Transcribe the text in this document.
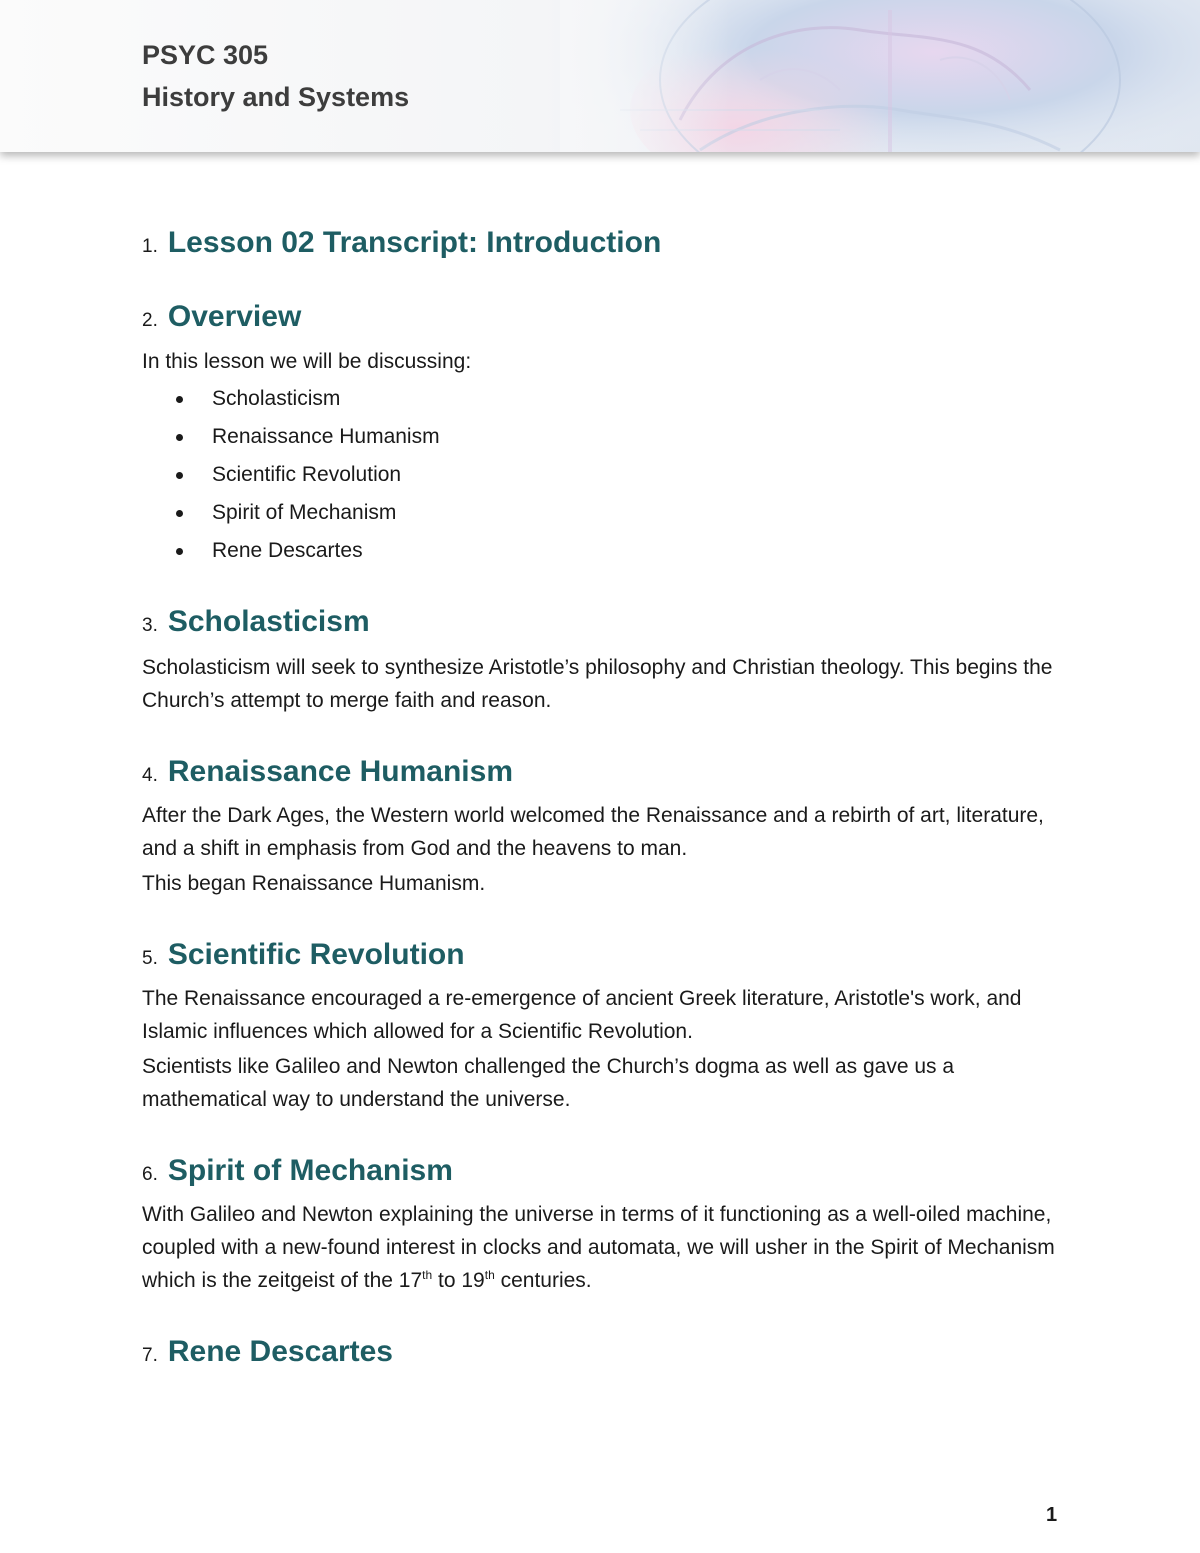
PSYC 305
History and Systems
1. Lesson 02 Transcript: Introduction
2. Overview

In this lesson we will be discussing:

Scholasticism
Renaissance Humanism
Scientific Revolution
Spirit of Mechanism
Rene Descartes
3. Scholasticism

Scholasticism will seek to synthesize Aristotle’s philosophy and Christian theology. This begins the Church’s attempt to merge faith and reason.

4. Renaissance Humanism

After the Dark Ages, the Western world welcomed the Renaissance and a rebirth of art, literature, and a shift in emphasis from God and the heavens to man.

This began Renaissance Humanism.

5. Scientific Revolution

The Renaissance encouraged a re-emergence of ancient Greek literature, Aristotle's work, and Islamic influences which allowed for a Scientific Revolution.

Scientists like Galileo and Newton challenged the Church’s dogma as well as gave us a mathematical way to understand the universe.

6. Spirit of Mechanism

With Galileo and Newton explaining the universe in terms of it functioning as a well-oiled machine, coupled with a new-found interest in clocks and automata, we will usher in the Spirit of Mechanism which is the zeitgeist of the 17th to 19th centuries.

7. Rene Descartes
1
